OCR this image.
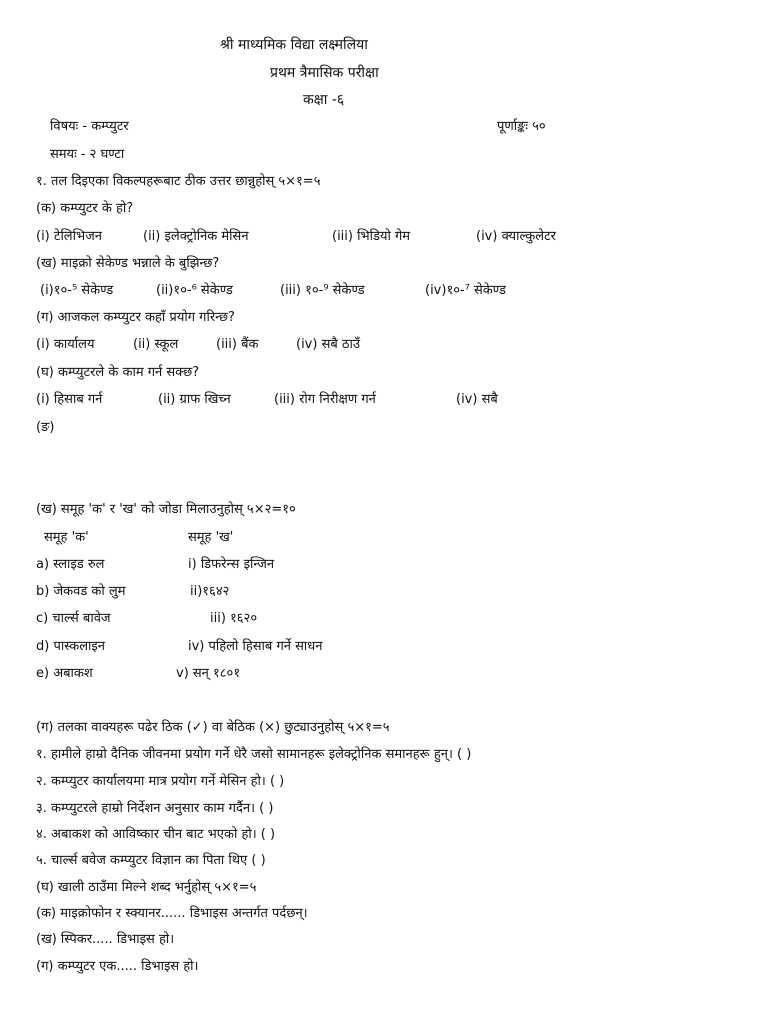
श्री माध्यमिक विद्या लक्ष्मलिया
प्रथम त्रैमासिक परीक्षा
कक्षा -६
विषयः - कम्प्युटर	पूर्णाङ्कः ५०
समयः - २ घण्टा
१. तल दिइएका विकल्पहरूबाट ठीक उत्तर छान्नुहोस् ५×१=५
(क) कम्प्युटर के हो?
(i) टेलिभिजन	(ii) इलेक्ट्रोनिक मेसिन	(iii) भिडियो गेम	(iv) क्याल्कुलेटर
(ख) माइक्रो सेकेण्ड भन्नाले के बुझिन्छ?
(i)१०-⁵ सेकेण्ड	(ii)१०-⁶ सेकेण्ड	(iii) १०-⁹ सेकेण्ड	(iv)१०-⁷ सेकेण्ड
(ग) आजकल कम्प्युटर कहाँ प्रयोग गरिन्छ?
(i) कार्यालय	(ii) स्कूल	(iii) बैंक	(iv) सबै ठाउँ
(घ) कम्प्युटरले के काम गर्न सक्छ?
(i) हिसाब गर्न	(ii) ग्राफ खिच्न	(iii) रोग निरीक्षण गर्न	(iv) सबै
(ङ)
(ख) समूह 'क' र 'ख' को जोडा मिलाउनुहोस् ५×२=१०
समूह 'क'	समूह 'ख'
a) स्लाइड रुल	i) डिफरेन्स इन्जिन
b) जेकवड को लुम	ii)१६४२
c) चार्ल्स बावेज	iii) १६२०
d) पास्कलाइन	iv) पहिलो हिसाब गर्ने साधन
e) अबाकश	v) सन् १८०१
(ग) तलका वाक्यहरू पढेर ठिक (✓) वा बेठिक (×) छुट्याउनुहोस् ५×१=५
१. हामीले हाम्रो दैनिक जीवनमा प्रयोग गर्ने धेरै जसो सामानहरू इलेक्ट्रोनिक समानहरू हुन्। ( )
२. कम्प्युटर कार्यालयमा मात्र प्रयोग गर्ने मेसिन हो। ( )
३. कम्प्युटरले हाम्रो निर्देशन अनुसार काम गर्दैन। ( )
४. अबाकश को आविष्कार चीन बाट भएको हो। ( )
५. चार्ल्स बवेज कम्प्युटर विज्ञान का पिता थिए ( )
(घ) खाली ठाउँमा मिल्ने शब्द भर्नुहोस् ५×१=५
(क) माइक्रोफोन र स्क्यानर...... डिभाइस अन्तर्गत पर्दछन्।
(ख) स्पिकर..... डिभाइस हो।
(ग) कम्प्युटर एक..... डिभाइस हो।
